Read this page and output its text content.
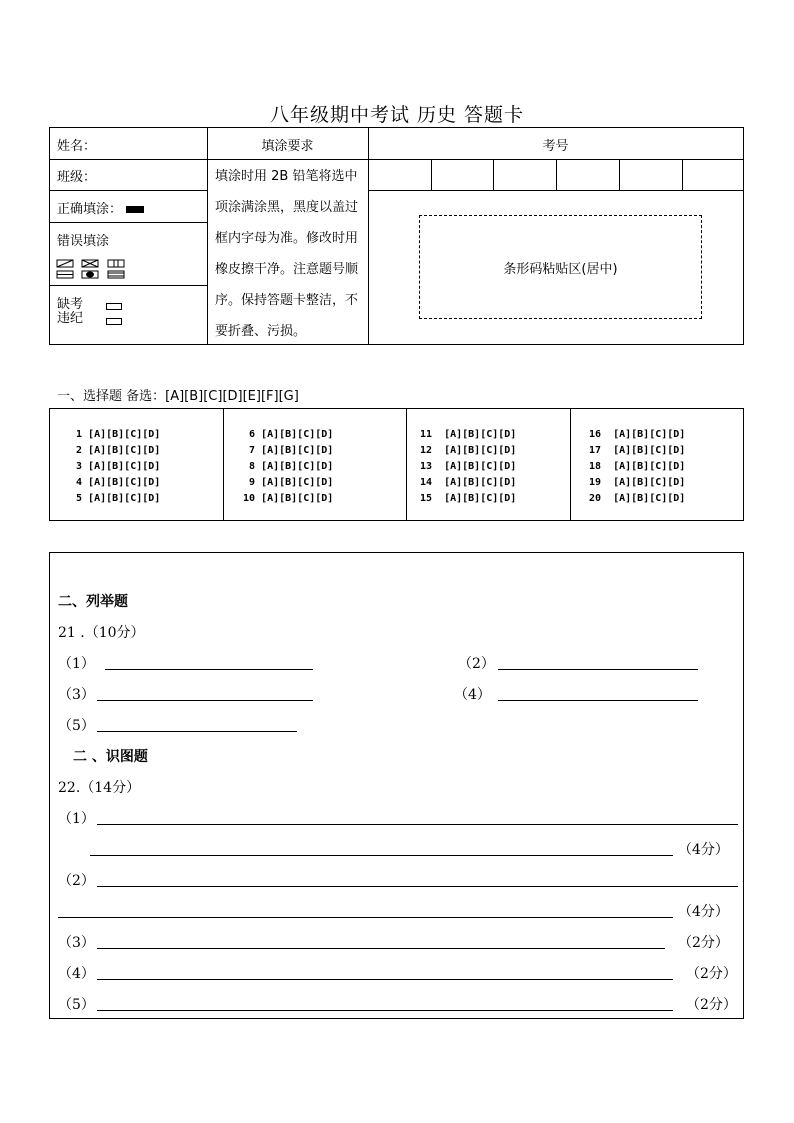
八年级期中考试 历史 答题卡
姓名：
班级：
正确填涂：
错误填涂
缺考
违纪
填涂要求
填涂时用 2B 铅笔将选中项涂满涂黑，黑度以盖过框内字母为准。修改时用橡皮擦干净。注意题号顺序。保持答题卡整洁，不要折叠、污损。
考号
条形码粘贴区(居中)
一、选择题 备选：[A][B][C][D][E][F][G]
1 [A][B][C][D]
2 [A][B][C][D]
3 [A][B][C][D]
4 [A][B][C][D]
5 [A][B][C][D]
6 [A][B][C][D]
7 [A][B][C][D]
8 [A][B][C][D]
9 [A][B][C][D]
10 [A][B][C][D]
11  [A][B][C][D]
12  [A][B][C][D]
13  [A][B][C][D]
14  [A][B][C][D]
15  [A][B][C][D]
16  [A][B][C][D]
17  [A][B][C][D]
18  [A][B][C][D]
19  [A][B][C][D]
20  [A][B][C][D]
二、列举题
21 .（10分）
（1）	（2）
（3）	（4）
（5）
二 、识图题
22.（14分）
（1）
（4分）
（2）
（4分）
（3）	（2分）
（4）	（2分）
（5）	（2分）
